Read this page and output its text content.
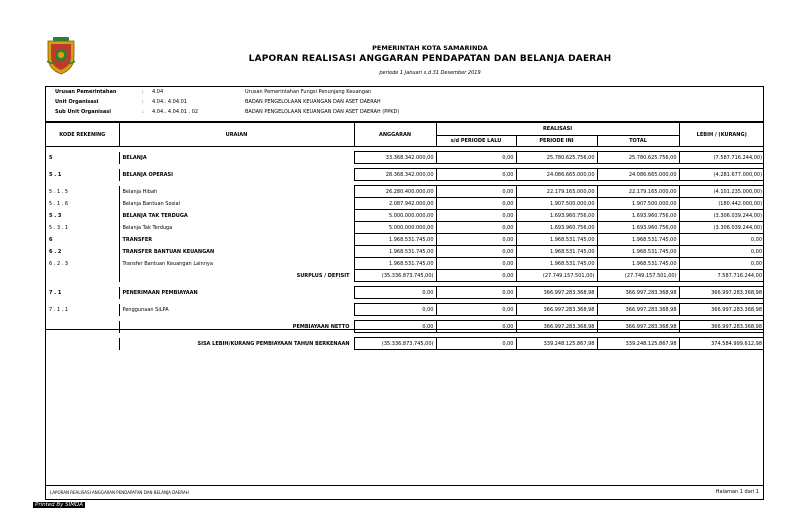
PEMERINTAH KOTA SAMARINDA
LAPORAN REALISASI ANGGARAN PENDAPATAN DAN BELANJA DAERAH
periode 1 Januari s.d 31 Desember 2019
Urusan Pemerintahan	: 4.04	Urusan Pemerintahan Fungsi Penunjang Keuangan
Unit Organisasi	: 4.04.. 4.04.01	BADAN PENGELOLAAN KEUANGAN DAN ASET DAERAH
Sub Unit Organisasi	: 4.04.. 4.04.01 . 02	BADAN PENGELOLAAN KEUANGAN DAN ASET DAERAH (PPKD)
KODE REKENING	URAIAN	ANGGARAN	REALISASI			LEBIH / (KURANG)
			s/d PERIODE LALU	PERIODE INI	TOTAL	

5	BELANJA	33.368.342.000,00	0,00	25.780.625.756,00	25.780.625.756,00	(7.587.716.244,00)

5 . 1	BELANJA OPERASI	28.368.342.000,00	0,00	24.086.665.000,00	24.086.665.000,00	(4.281.677.000,00)

5 . 1 . 5	Belanja Hibah	26.280.400.000,00	0,00	22.179.165.000,00	22.179.165.000,00	(4.101.235.000,00)
5 . 1 . 6	Belanja Bantuan Sosial	2.087.942.000,00	0,00	1.907.500.000,00	1.907.500.000,00	(180.442.000,00)
5 . 3	BELANJA TAK TERDUGA	5.000.000.000,00	0,00	1.693.960.756,00	1.693.960.756,00	(3.306.039.244,00)
5 . 3 . 1	Belanja Tak Terduga	5.000.000.000,00	0,00	1.693.960.756,00	1.693.960.756,00	(3.306.039.244,00)
6	TRANSFER	1.968.531.745,00	0,00	1.968.531.745,00	1.968.531.745,00	0,00
6 . 2	TRANSFER BANTUAN KEUANGAN	1.968.531.745,00	0,00	1.968.531.745,00	1.968.531.745,00	0,00
6 . 2 . 3	Transfer Bantuan Keuangan Lainnya	1.968.531.745,00	0,00	1.968.531.745,00	1.968.531.745,00	0,00
	SURPLUS / DEFISIT	(35.336.873.745,00)	0,00	(27.749.157.501,00)	(27.749.157.501,00)	7.587.716.244,00

7 . 1	PENERIMAAN PEMBIAYAAN	0,00	0,00	366.997.283.368,98	366.997.283.368,98	366.997.283.368,98

7 . 1 . 1	Penggunaan SiLPA	0,00	0,00	366.997.283.368,98	366.997.283.368,98	366.997.283.368,98

	PEMBIAYAAN NETTO	0,00	0,00	366.997.283.368,98	366.997.283.368,98	366.997.283.368,98

	SISA LEBIH/KURANG PEMBIAYAAN TAHUN BERKENAAN	(35.336.873.745,00)	0,00	339.248.125.867,98	339.248.125.867,98	374.584.999.612,98
LAPORAN REALISASI ANGGARAN PENDAPATAN DAN BELANJA DAERAH	Halaman 1 dari 1
Printed By SIMDA
